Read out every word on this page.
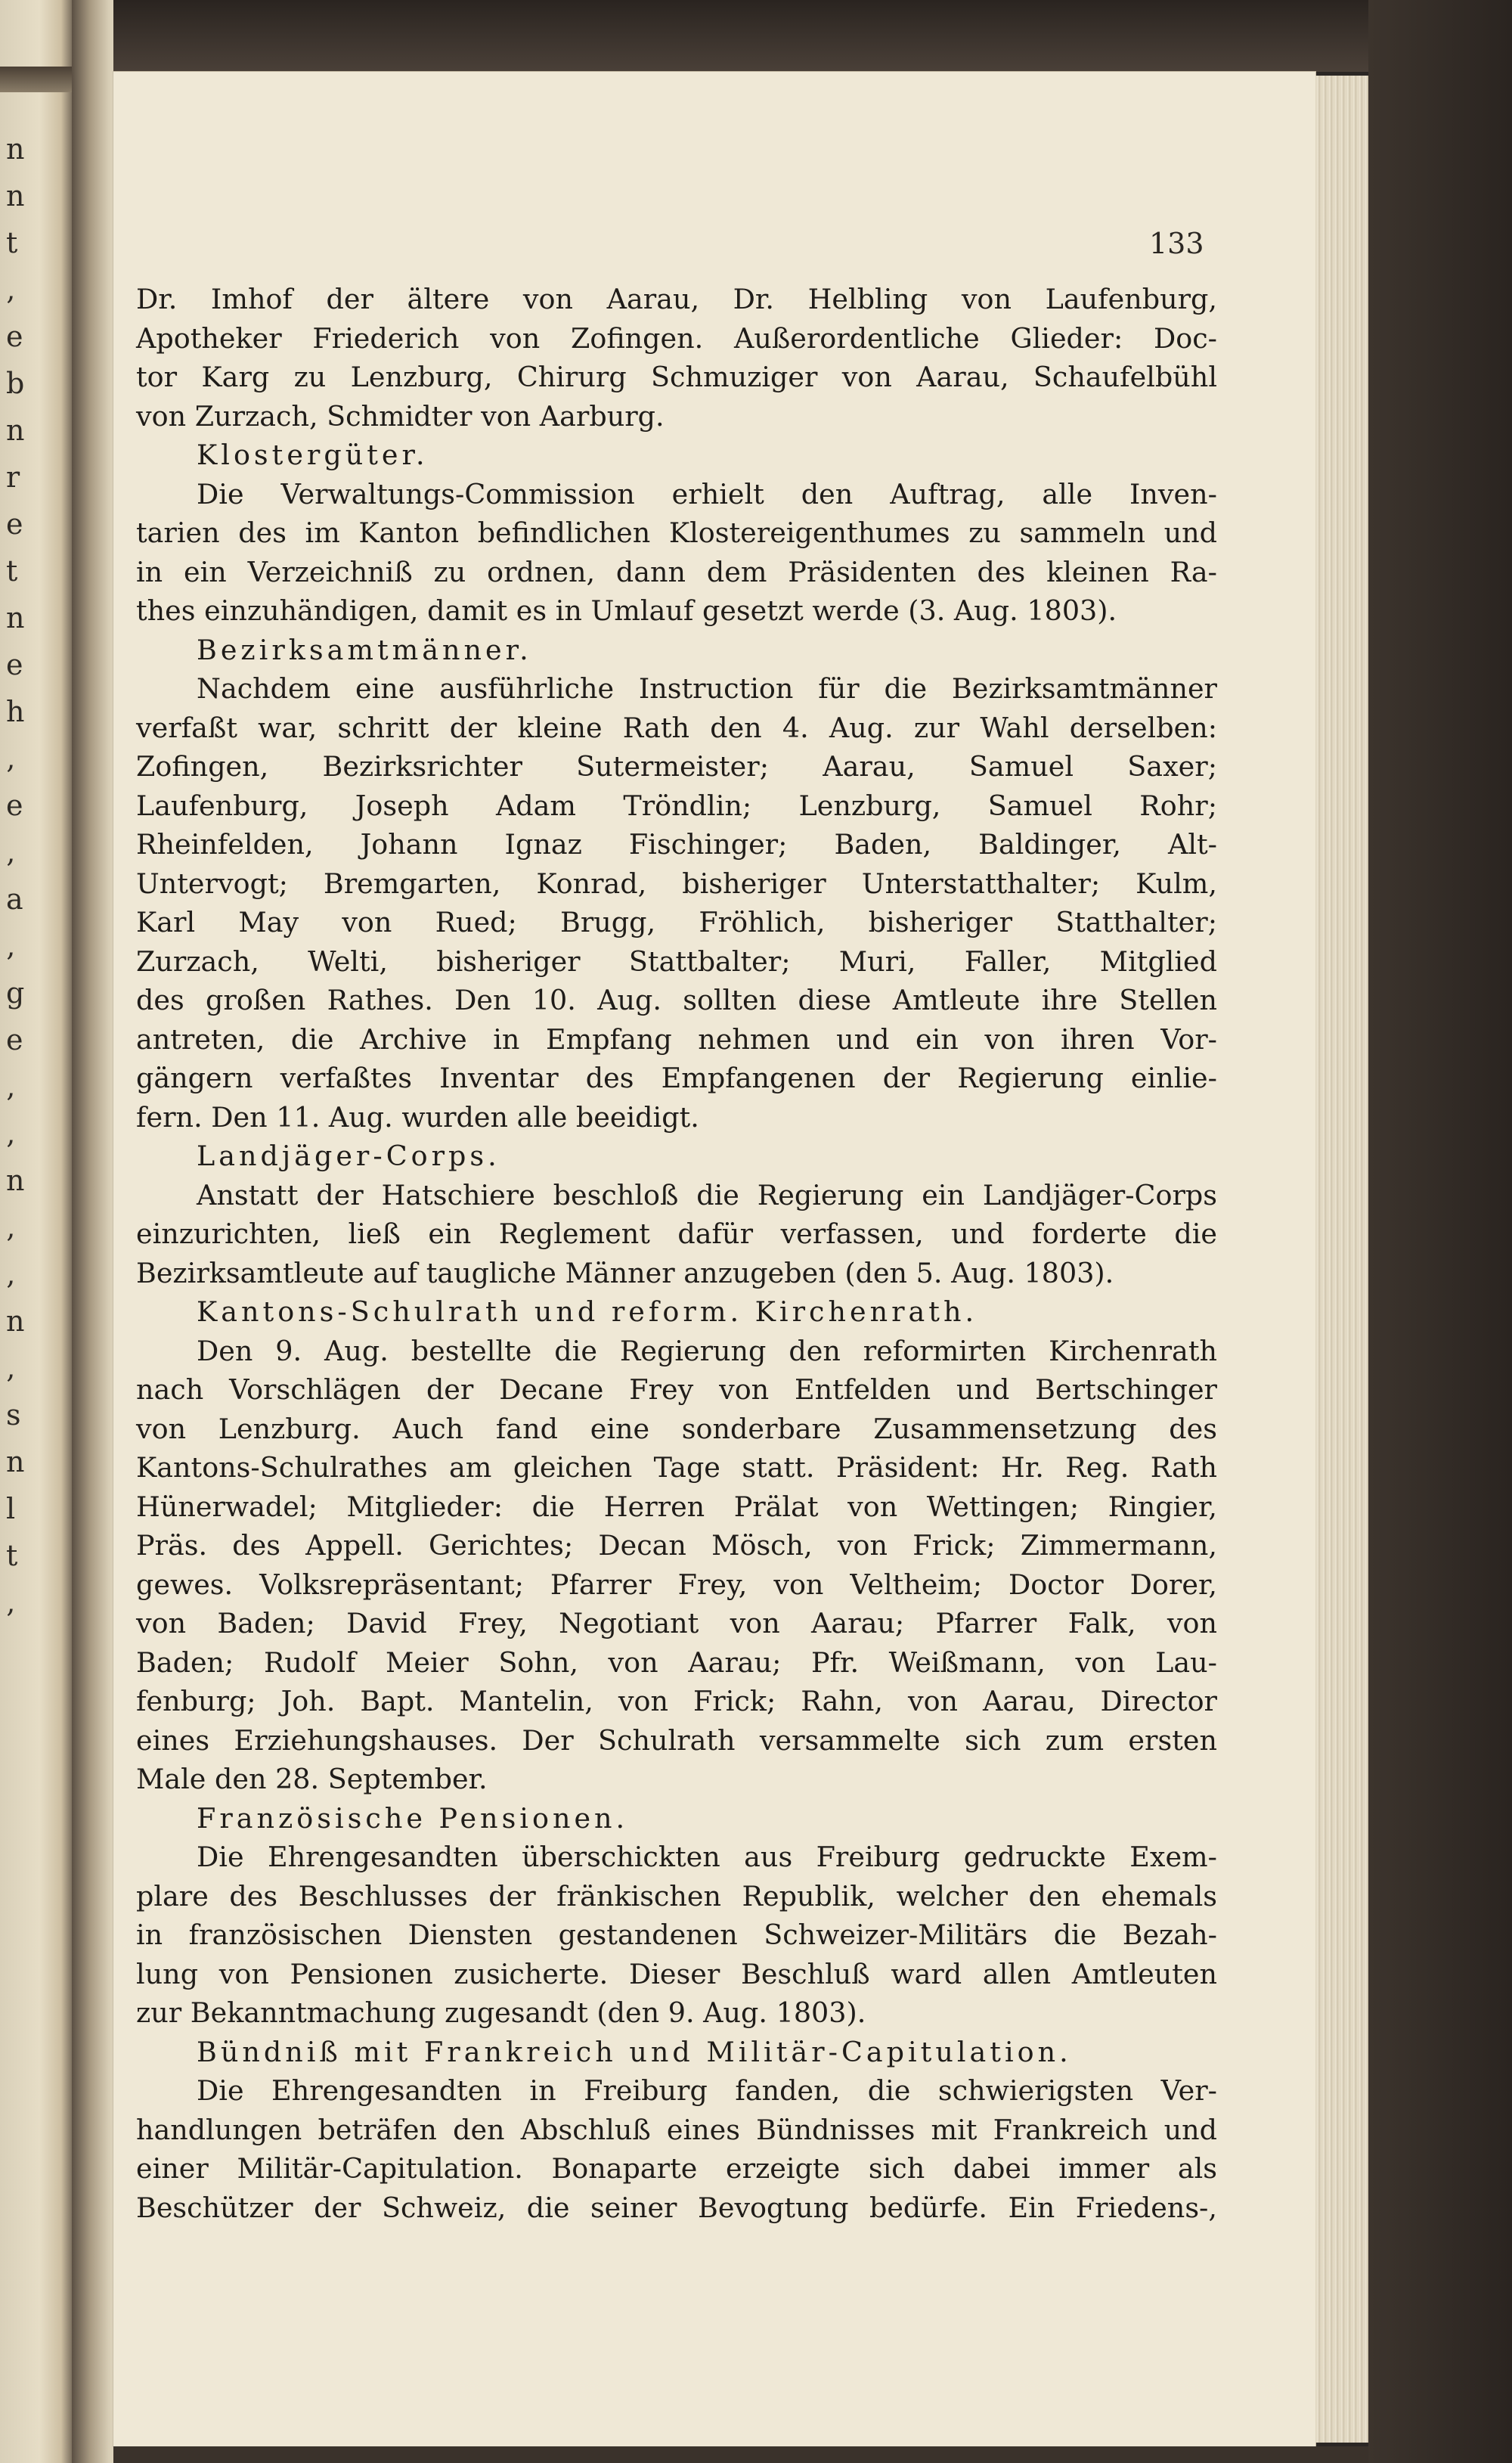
n
n
t
‚
e
b
n
r
e
t
n
e
h
‚
e
‚
a
‚
g
e
‚
‚
n
‚
‚
n
‚
s
n
l
t
‚
133
Dr. Imhof der ältere von Aarau, Dr. Helbling von Laufenburg,
Apotheker Friederich von Zofingen. Außerordentliche Glieder: Doc-
tor Karg zu Lenzburg, Chirurg Schmuziger von Aarau, Schaufelbühl
von Zurzach, Schmidter von Aarburg.
Klostergüter.
Die Verwaltungs-Commission erhielt den Auftrag, alle Inven-
tarien des im Kanton befindlichen Klostereigenthumes zu sammeln und
in ein Verzeichniß zu ordnen, dann dem Präsidenten des kleinen Ra-
thes einzuhändigen, damit es in Umlauf gesetzt werde (3. Aug. 1803).
Bezirksamtmänner.
Nachdem eine ausführliche Instruction für die Bezirksamtmänner
verfaßt war, schritt der kleine Rath den 4. Aug. zur Wahl derselben:
Zofingen, Bezirksrichter Sutermeister; Aarau, Samuel Saxer;
Laufenburg, Joseph Adam Tröndlin; Lenzburg, Samuel Rohr;
Rheinfelden, Johann Ignaz Fischinger; Baden, Baldinger, Alt-
Untervogt; Bremgarten, Konrad, bisheriger Unterstatthalter; Kulm,
Karl May von Rued; Brugg, Fröhlich, bisheriger Statthalter;
Zurzach, Welti, bisheriger Stattbalter; Muri, Faller, Mitglied
des großen Rathes. Den 10. Aug. sollten diese Amtleute ihre Stellen
antreten, die Archive in Empfang nehmen und ein von ihren Vor-
gängern verfaßtes Inventar des Empfangenen der Regierung einlie-
fern. Den 11. Aug. wurden alle beeidigt.
Landjäger-Corps.
Anstatt der Hatschiere beschloß die Regierung ein Landjäger-Corps
einzurichten, ließ ein Reglement dafür verfassen, und forderte die
Bezirksamtleute auf taugliche Männer anzugeben (den 5. Aug. 1803).
Kantons-Schulrath und reform. Kirchenrath.
Den 9. Aug. bestellte die Regierung den reformirten Kirchenrath
nach Vorschlägen der Decane Frey von Entfelden und Bertschinger
von Lenzburg. Auch fand eine sonderbare Zusammensetzung des
Kantons-Schulrathes am gleichen Tage statt. Präsident: Hr. Reg. Rath
Hünerwadel; Mitglieder: die Herren Prälat von Wettingen; Ringier,
Präs. des Appell. Gerichtes; Decan Mösch, von Frick; Zimmermann,
gewes. Volksrepräsentant; Pfarrer Frey, von Veltheim; Doctor Dorer,
von Baden; David Frey, Negotiant von Aarau; Pfarrer Falk, von
Baden; Rudolf Meier Sohn, von Aarau; Pfr. Weißmann, von Lau-
fenburg; Joh. Bapt. Mantelin, von Frick; Rahn, von Aarau, Director
eines Erziehungshauses. Der Schulrath versammelte sich zum ersten
Male den 28. September.
Französische Pensionen.
Die Ehrengesandten überschickten aus Freiburg gedruckte Exem-
plare des Beschlusses der fränkischen Republik, welcher den ehemals
in französischen Diensten gestandenen Schweizer-Militärs die Bezah-
lung von Pensionen zusicherte. Dieser Beschluß ward allen Amtleuten
zur Bekanntmachung zugesandt (den 9. Aug. 1803).
Bündniß mit Frankreich und Militär-Capitulation.
Die Ehrengesandten in Freiburg fanden, die schwierigsten Ver-
handlungen beträfen den Abschluß eines Bündnisses mit Frankreich und
einer Militär-Capitulation. Bonaparte erzeigte sich dabei immer als
Beschützer der Schweiz, die seiner Bevogtung bedürfe. Ein Friedens-,
